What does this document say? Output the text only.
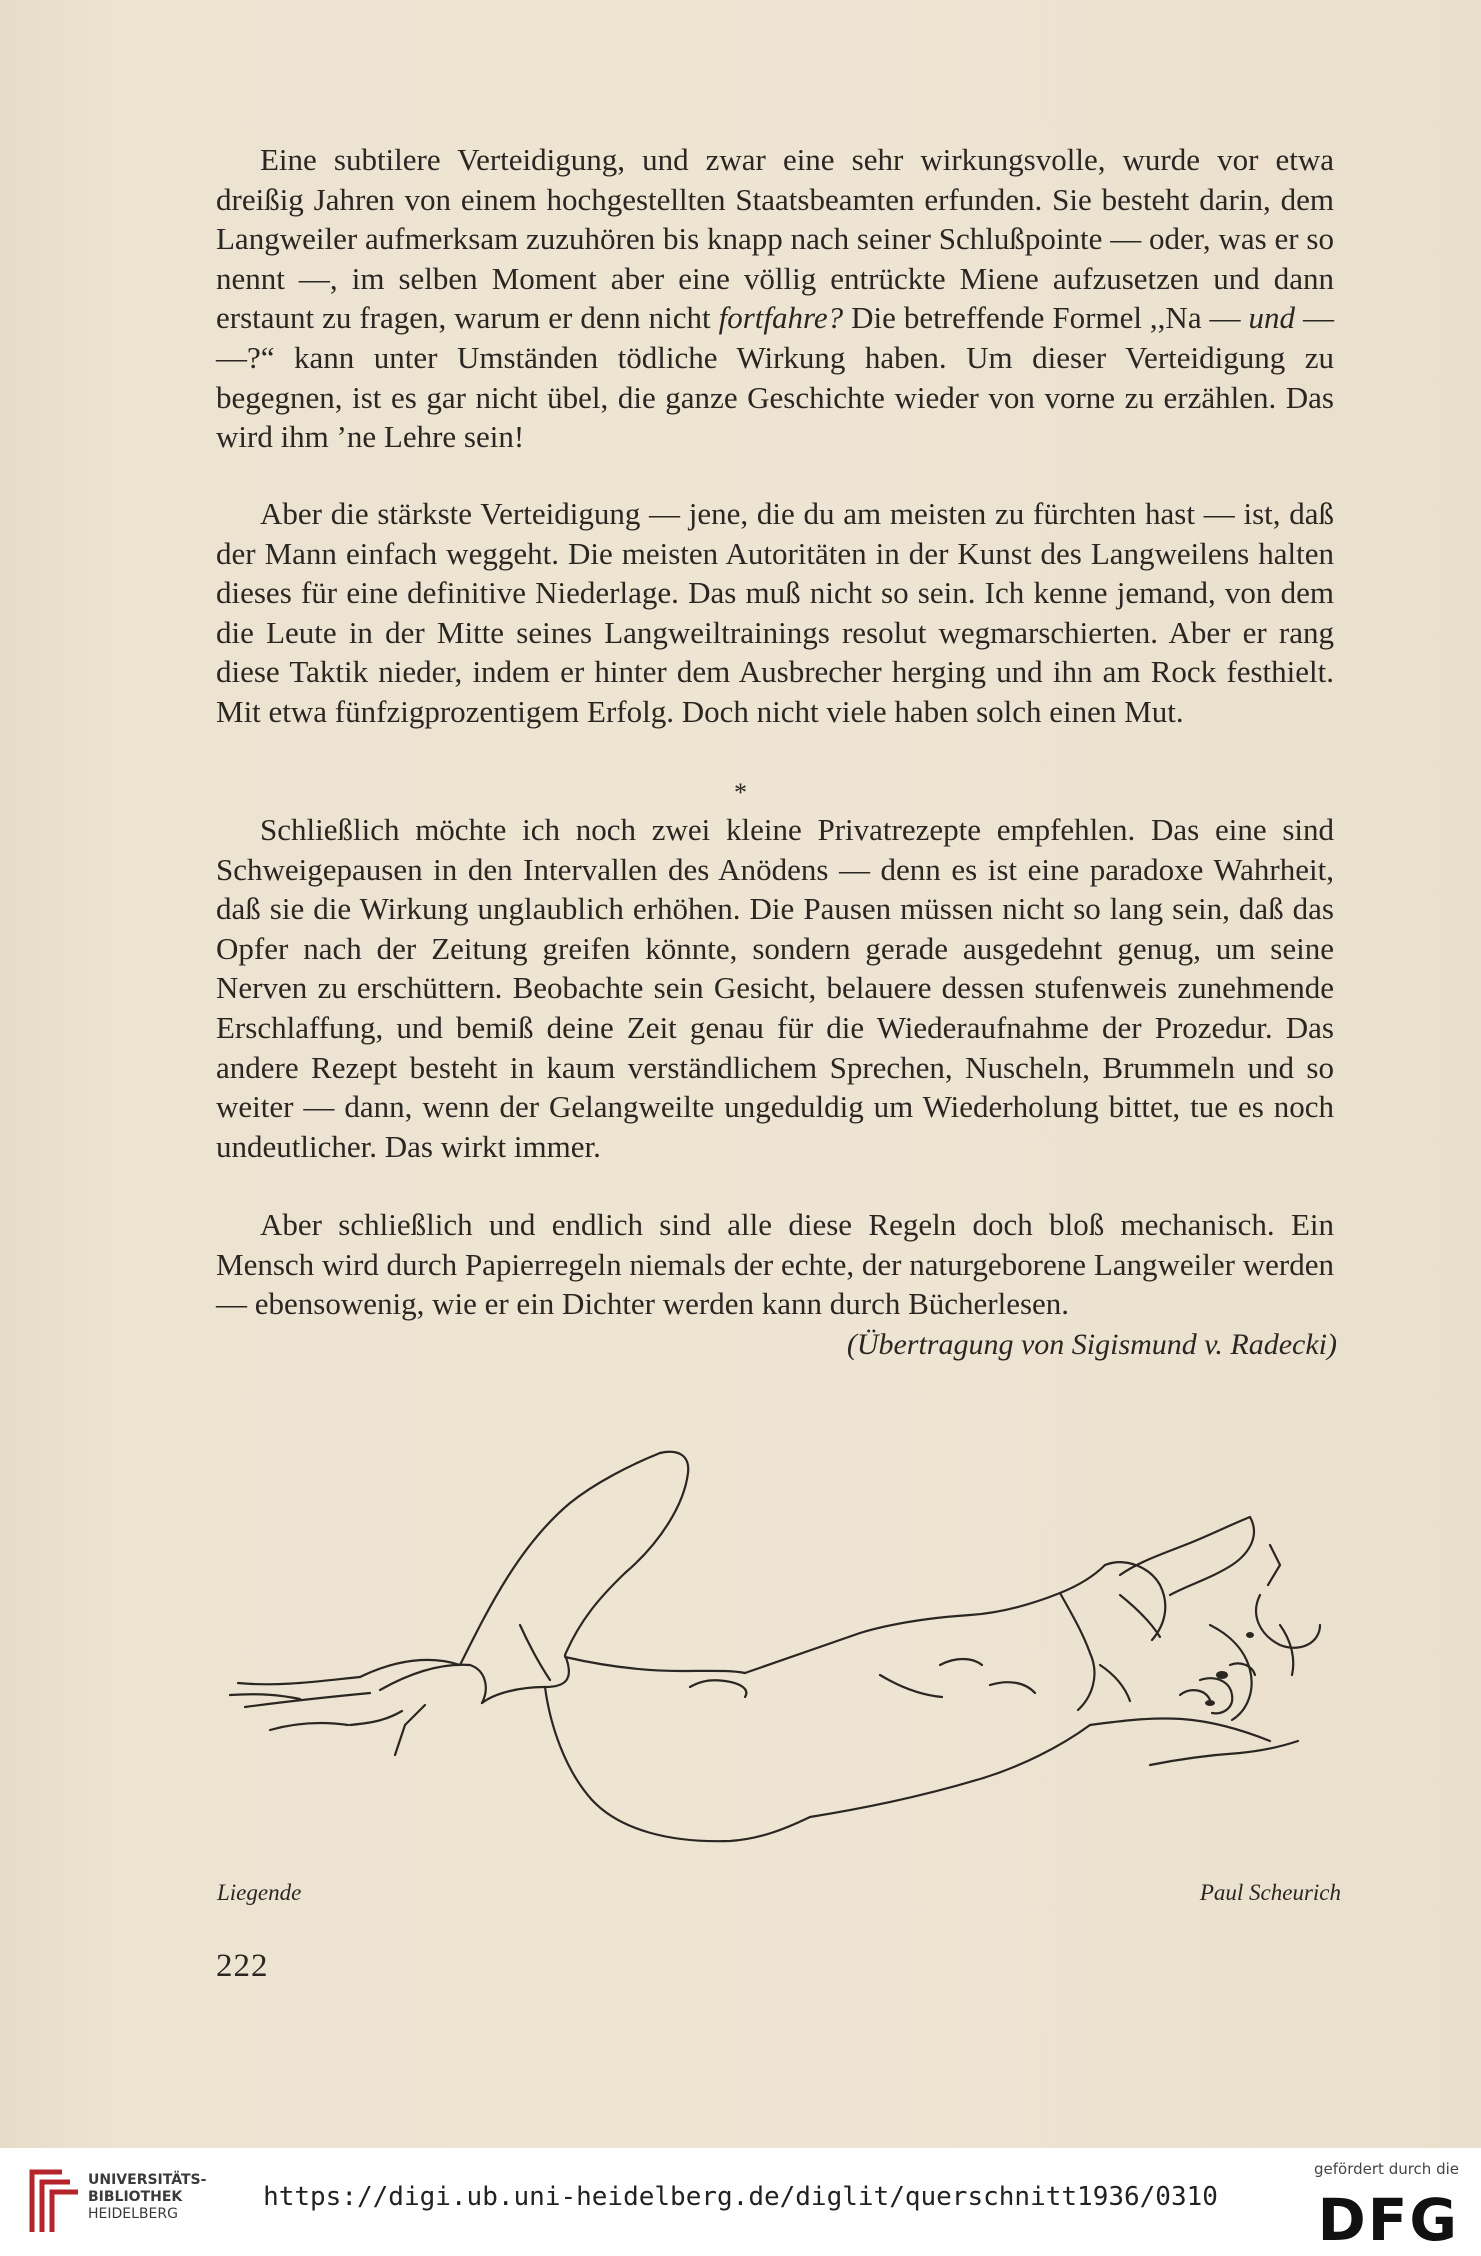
Eine subtilere Verteidigung, und zwar eine sehr wirkungsvolle, wurde vor etwa dreißig Jahren von einem hochgestellten Staatsbeamten erfunden. Sie besteht darin, dem Langweiler aufmerksam zuzuhören bis knapp nach seiner Schlußpointe — oder, was er so nennt —, im selben Moment aber eine völlig entrückte Miene aufzusetzen und dann erstaunt zu fragen, warum er denn nicht fortfahre? Die betreffende Formel ,,Na — und — —?“ kann unter Umständen tödliche Wirkung haben. Um dieser Verteidigung zu begegnen, ist es gar nicht übel, die ganze Geschichte wieder von vorne zu erzählen. Das wird ihm ’ne Lehre sein!

Aber die stärkste Verteidigung — jene, die du am meisten zu fürchten hast — ist, daß der Mann einfach weggeht. Die meisten Autoritäten in der Kunst des Langweilens halten dieses für eine definitive Niederlage. Das muß nicht so sein. Ich kenne jemand, von dem die Leute in der Mitte seines Langweiltrainings resolut wegmarschierten. Aber er rang diese Taktik nieder, indem er hinter dem Ausbrecher herging und ihn am Rock festhielt. Mit etwa fünfzigprozentigem Erfolg. Doch nicht viele haben solch einen Mut.

*

Schließlich möchte ich noch zwei kleine Privatrezepte empfehlen. Das eine sind Schweigepausen in den Intervallen des Anödens — denn es ist eine paradoxe Wahrheit, daß sie die Wirkung unglaublich erhöhen. Die Pausen müssen nicht so lang sein, daß das Opfer nach der Zeitung greifen könnte, sondern gerade ausgedehnt genug, um seine Nerven zu erschüttern. Beobachte sein Gesicht, belauere dessen stufenweis zunehmende Erschlaffung, und bemiß deine Zeit genau für die Wiederaufnahme der Prozedur. Das andere Rezept besteht in kaum verständlichem Sprechen, Nuscheln, Brummeln und so weiter — dann, wenn der Gelangweilte ungeduldig um Wiederholung bittet, tue es noch undeutlicher. Das wirkt immer.

Aber schließlich und endlich sind alle diese Regeln doch bloß mechanisch. Ein Mensch wird durch Papierregeln niemals der echte, der naturgeborene Langweiler werden — ebensowenig, wie er ein Dichter werden kann durch Bücherlesen.

(Übertragung von Sigismund v. Radecki)
Liegende	Paul Scheurich
222
UNIVERSITÄTS-
BIBLIOTHEK
HEIDELBERG
https://digi.ub.uni-heidelberg.de/diglit/querschnitt1936/0310
gefördert durch die
DFG
